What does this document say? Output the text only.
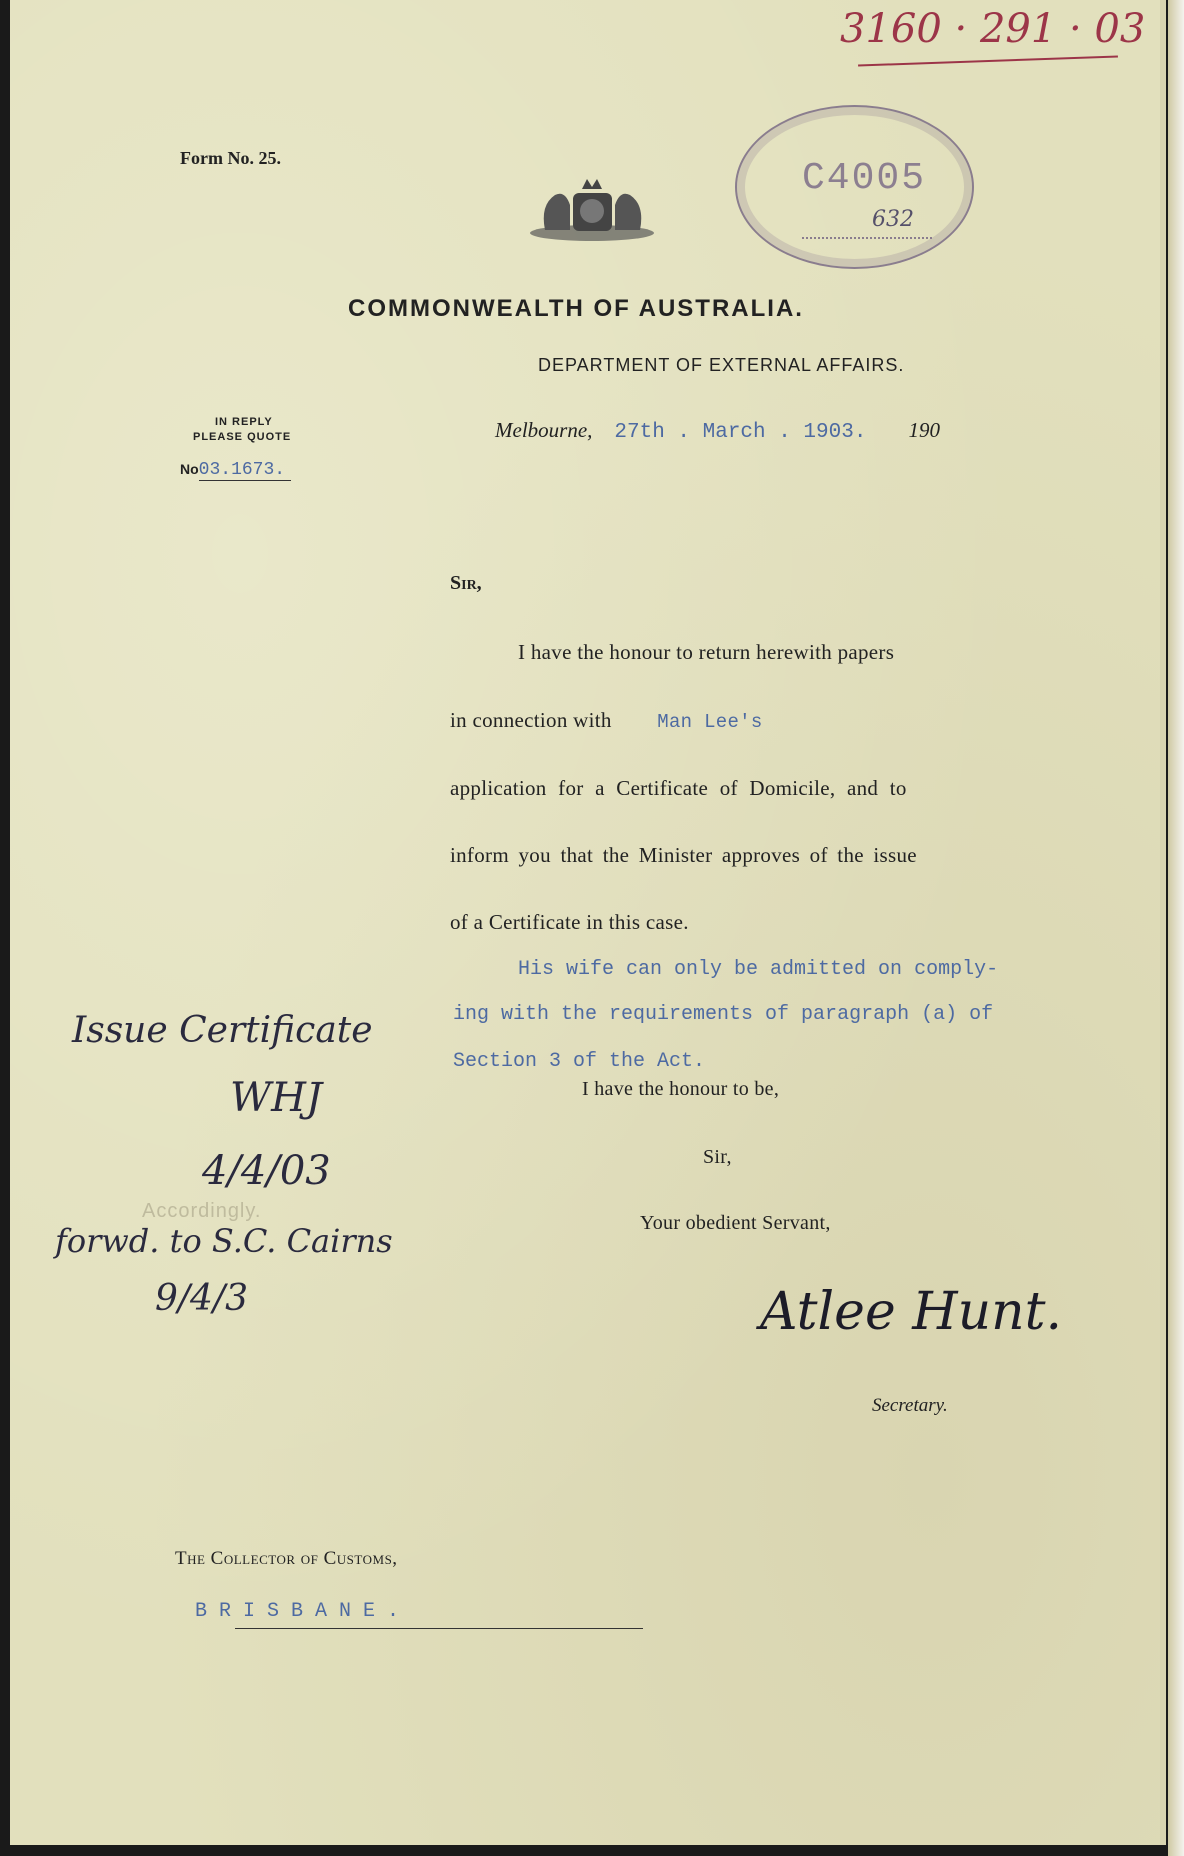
3160 · 291 · 03
Form No. 25.	C4005
632
COMMONWEALTH OF AUSTRALIA.
DEPARTMENT OF EXTERNAL AFFAIRS.
IN REPLY
PLEASE QUOTE
No03.1673.
Melbourne, 27th . March . 1903. 190
Sir,
I have the honour to return herewith papers
in connection with Man Lee's
application for a Certificate of Domicile, and to
inform you that the Minister approves of the issue
of a Certificate in this case.
His wife can only be admitted on comply-
ing with the requirements of paragraph (a) of
Section 3 of the Act.
I have the honour to be,
Sir,
Your obedient Servant,
Atlee Hunt.
Secretary.
The Collector of Customs,
B R I S B A N E .
Issue Certificate
WHJ
4/4/03
Accordingly.
forwd. to S.C. Cairns
9/4/3
